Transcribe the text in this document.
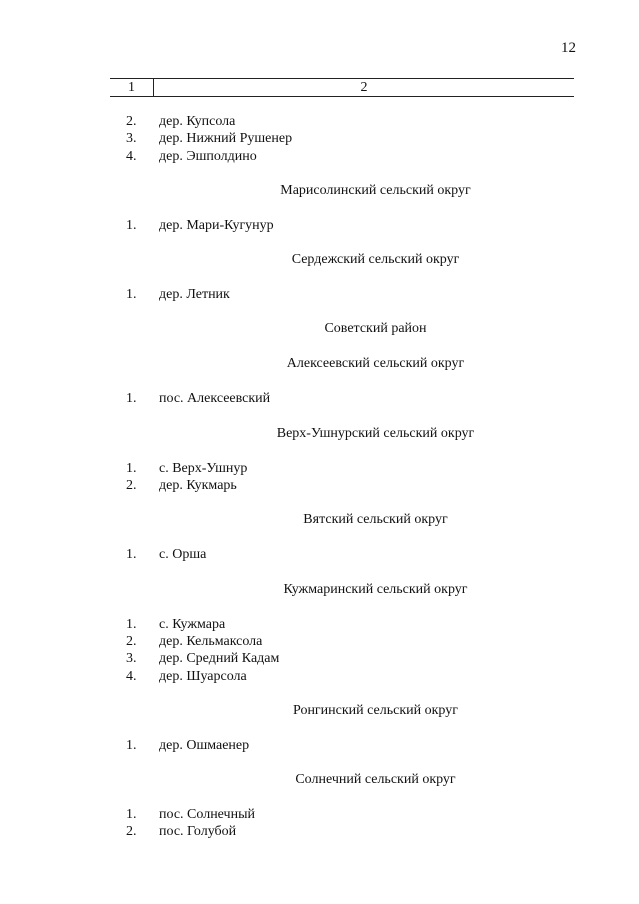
12
1	2
2. дер. Купсола
3. дер. Нижний Рушенер
4. дер. Эшполдино
Марисолинский сельский округ
1. дер. Мари-Кугунур
Сердежский сельский округ
1. дер. Летник
Советский район
Алексеевский сельский округ
1. пос. Алексеевский
Верх-Ушнурский сельский округ
1. с. Верх-Ушнур
2. дер. Кукмарь
Вятский сельский округ
1. с. Орша
Кужмаринский сельский округ
1. с. Кужмара
2. дер. Кельмаксола
3. дер. Средний Кадам
4. дер. Шуарсола
Ронгинский сельский округ
1. дер. Ошмаенер
Солнечний сельский округ
1. пос. Солнечный
2. пос. Голубой
